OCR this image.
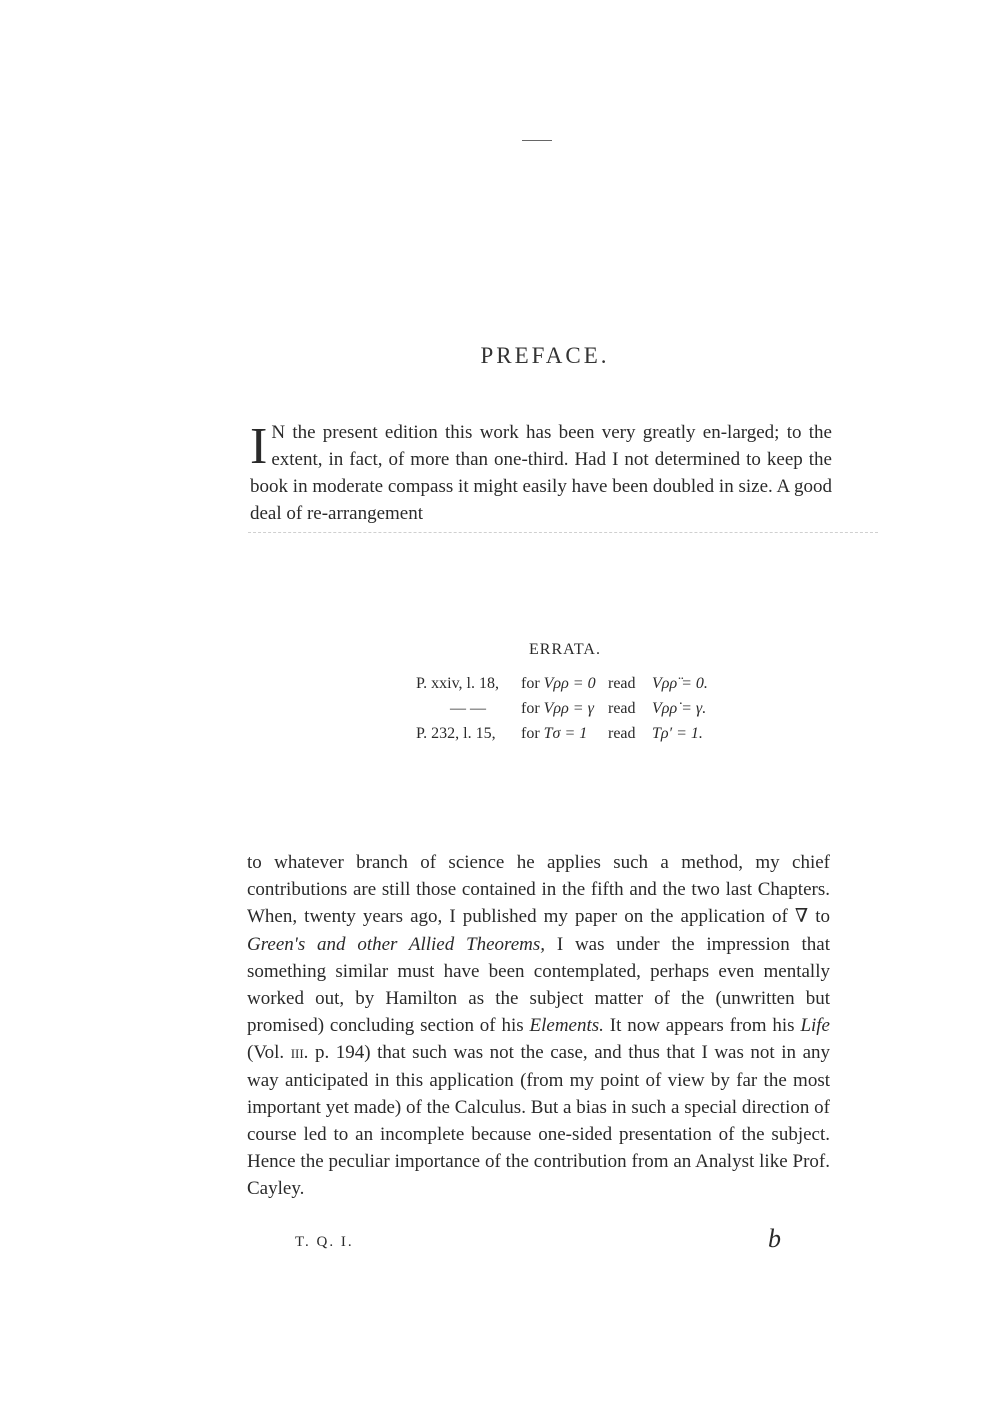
PREFACE.

I N the present edition this work has been very greatly en-larged; to the extent, in fact, of more than one-third. Had I not determined to keep the book in moderate compass it might easily have been doubled in size. A good deal of re-arrangement

ERRATA.
P. xxiv, l. 18, for Vρρ = 0 read Vρρ̈ = 0.
— — for Vρρ = γ read Vρρ̇ = γ.
P. 232, l. 15, for Tσ = 1 read Tρ′ = 1.

to whatever branch of science he applies such a method, my chief contributions are still those contained in the fifth and the two last Chapters. When, twenty years ago, I published my paper on the application of ∇ to Green's and other Allied Theorems, I was under the impression that something similar must have been contemplated, perhaps even mentally worked out, by Hamilton as the subject matter of the (unwritten but promised) concluding section of his Elements. It now appears from his Life (Vol. iii. p. 194) that such was not the case, and thus that I was not in any way anticipated in this application (from my point of view by far the most important yet made) of the Calculus. But a bias in such a special direction of course led to an incomplete because one-sided presentation of the subject. Hence the peculiar importance of the contribution from an Analyst like Prof. Cayley.

T. Q. I.	b
